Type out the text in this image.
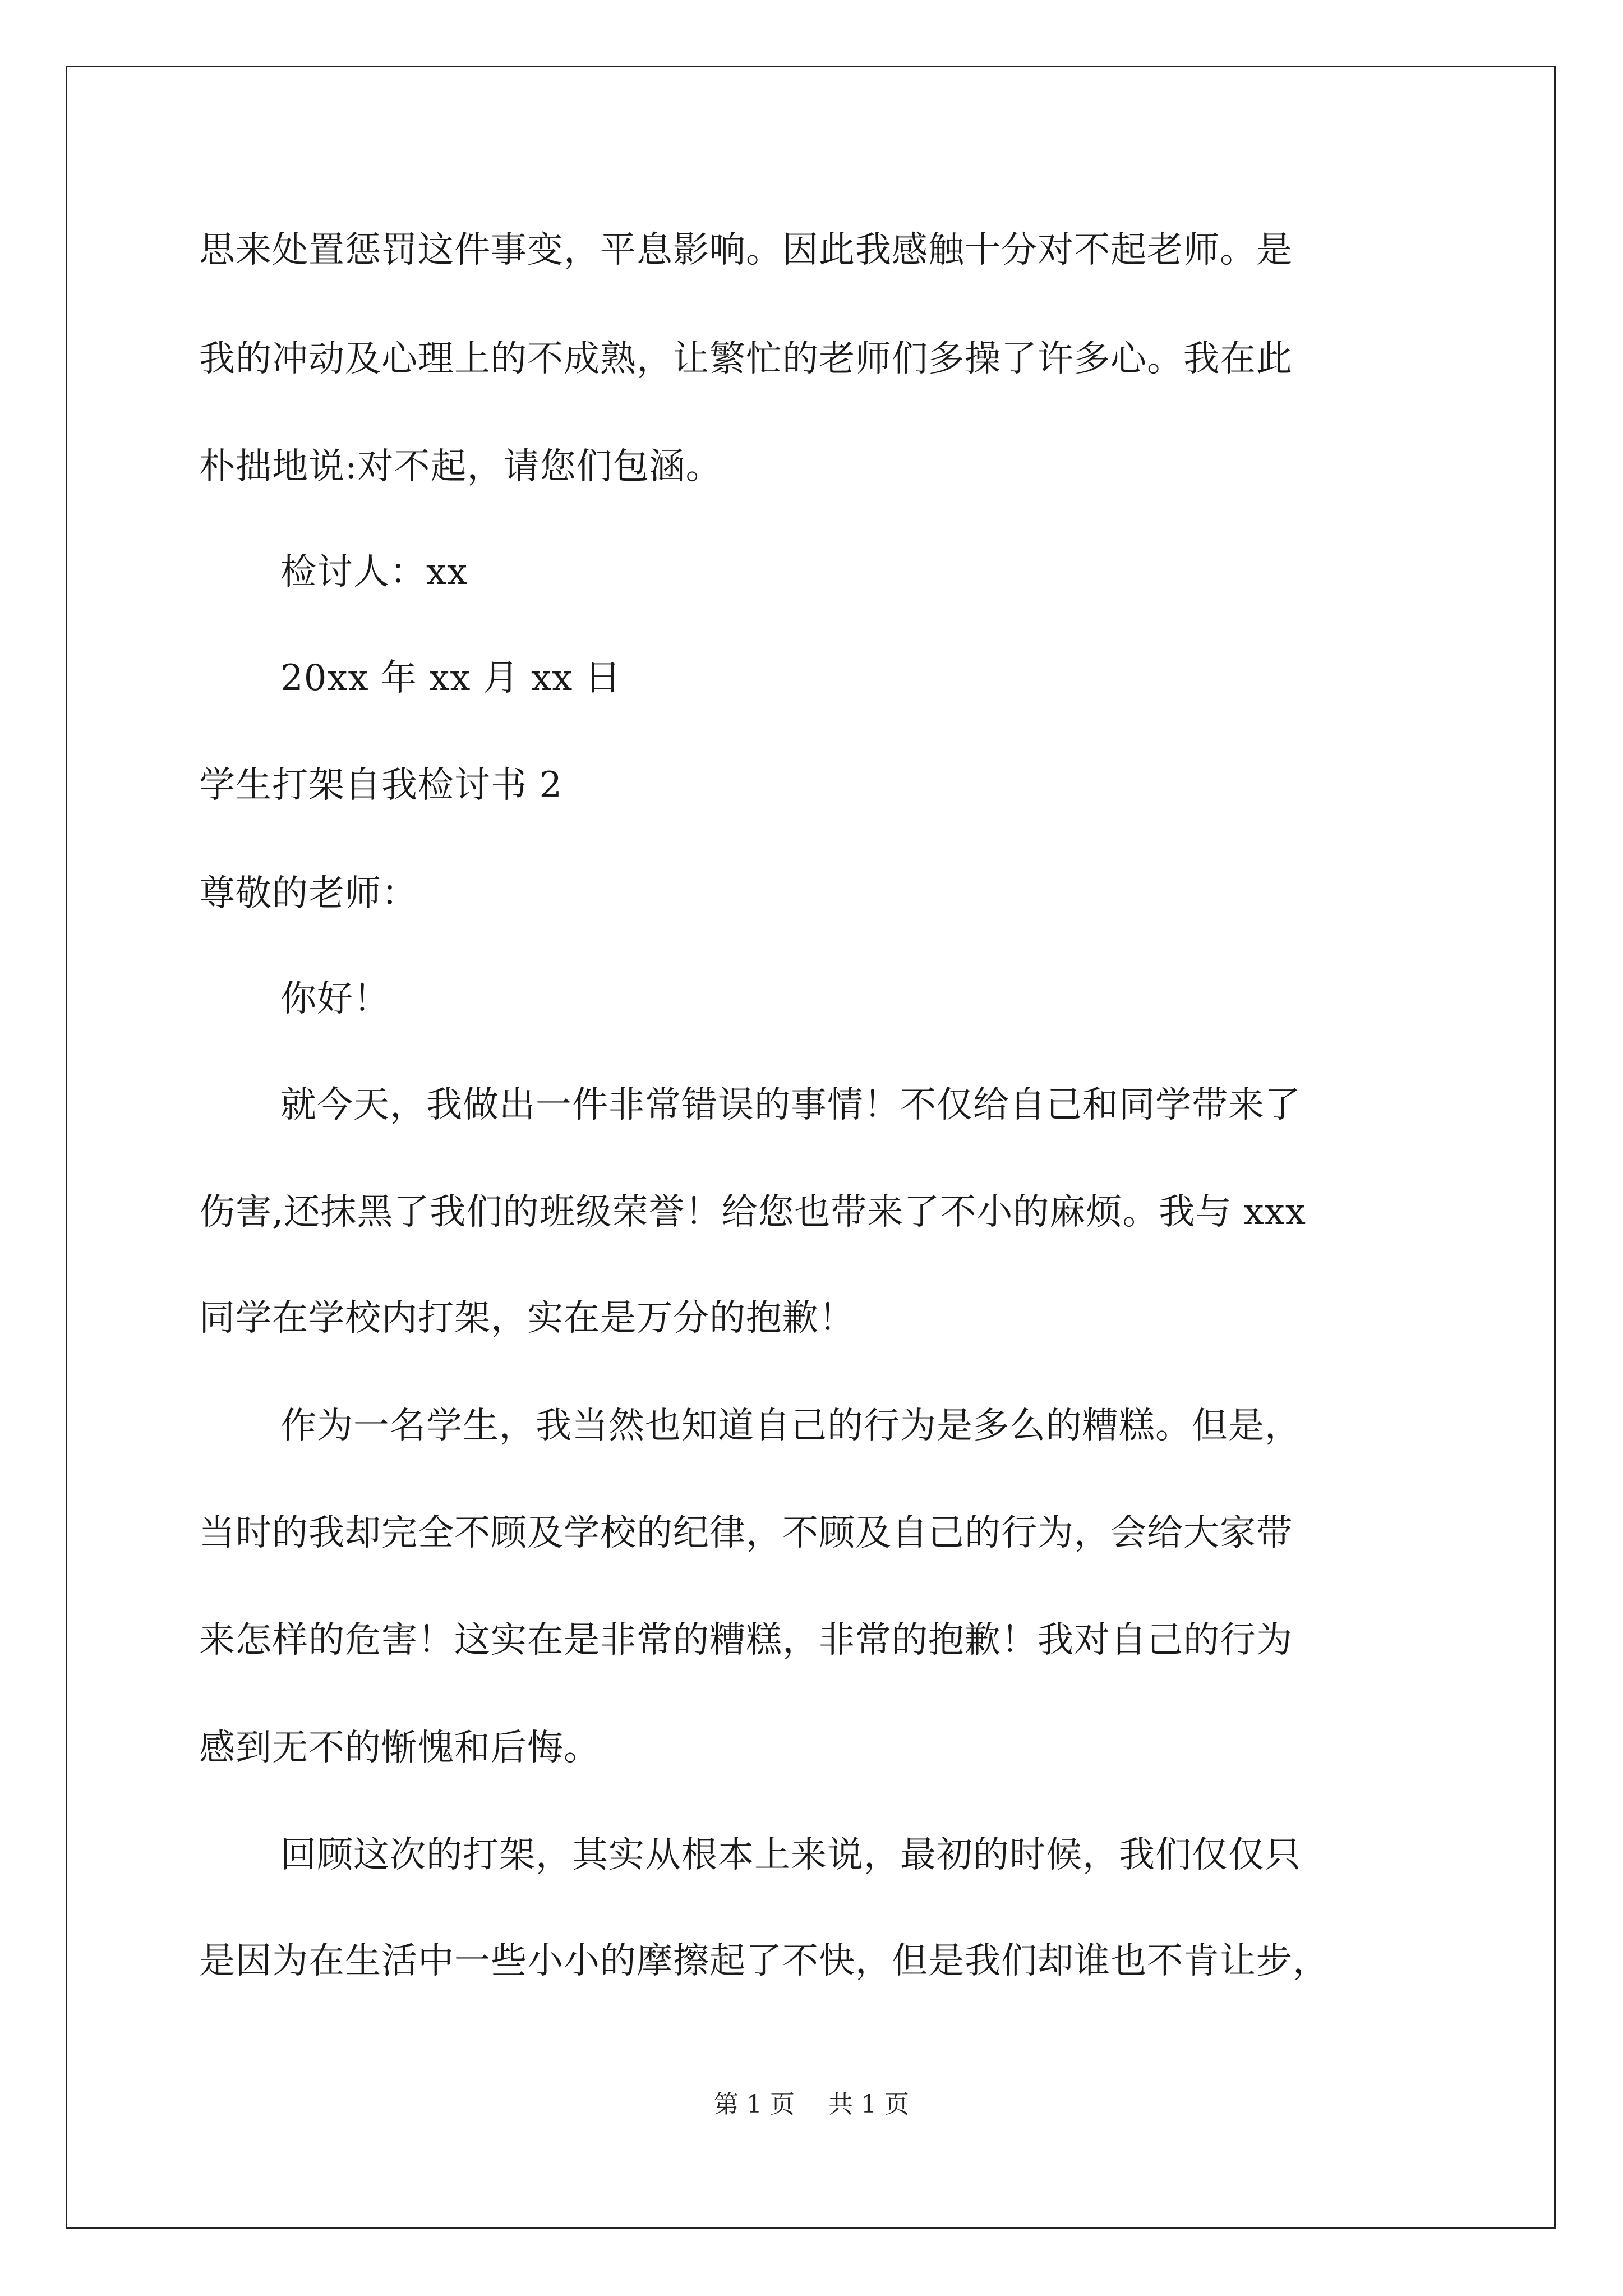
思来处置惩罚这件事变，平息影响。因此我感触十分对不起老师。是
我的冲动及心理上的不成熟，让繁忙的老师们多操了许多心。我在此
朴拙地说:对不起，请您们包涵。
检讨人：xx
20xx 年 xx 月 xx 日
学生打架自我检讨书 2
尊敬的老师：
你好！
就今天，我做出一件非常错误的事情！不仅给自己和同学带来了
伤害,还抹黑了我们的班级荣誉！给您也带来了不小的麻烦。我与 xxx
同学在学校内打架，实在是万分的抱歉！
作为一名学生，我当然也知道自己的行为是多么的糟糕。但是，
当时的我却完全不顾及学校的纪律，不顾及自己的行为，会给大家带
来怎样的危害！这实在是非常的糟糕，非常的抱歉！我对自己的行为
感到无不的惭愧和后悔。
回顾这次的打架，其实从根本上来说，最初的时候，我们仅仅只
是因为在生活中一些小小的摩擦起了不快，但是我们却谁也不肯让步，
第 1 页 共 1 页
